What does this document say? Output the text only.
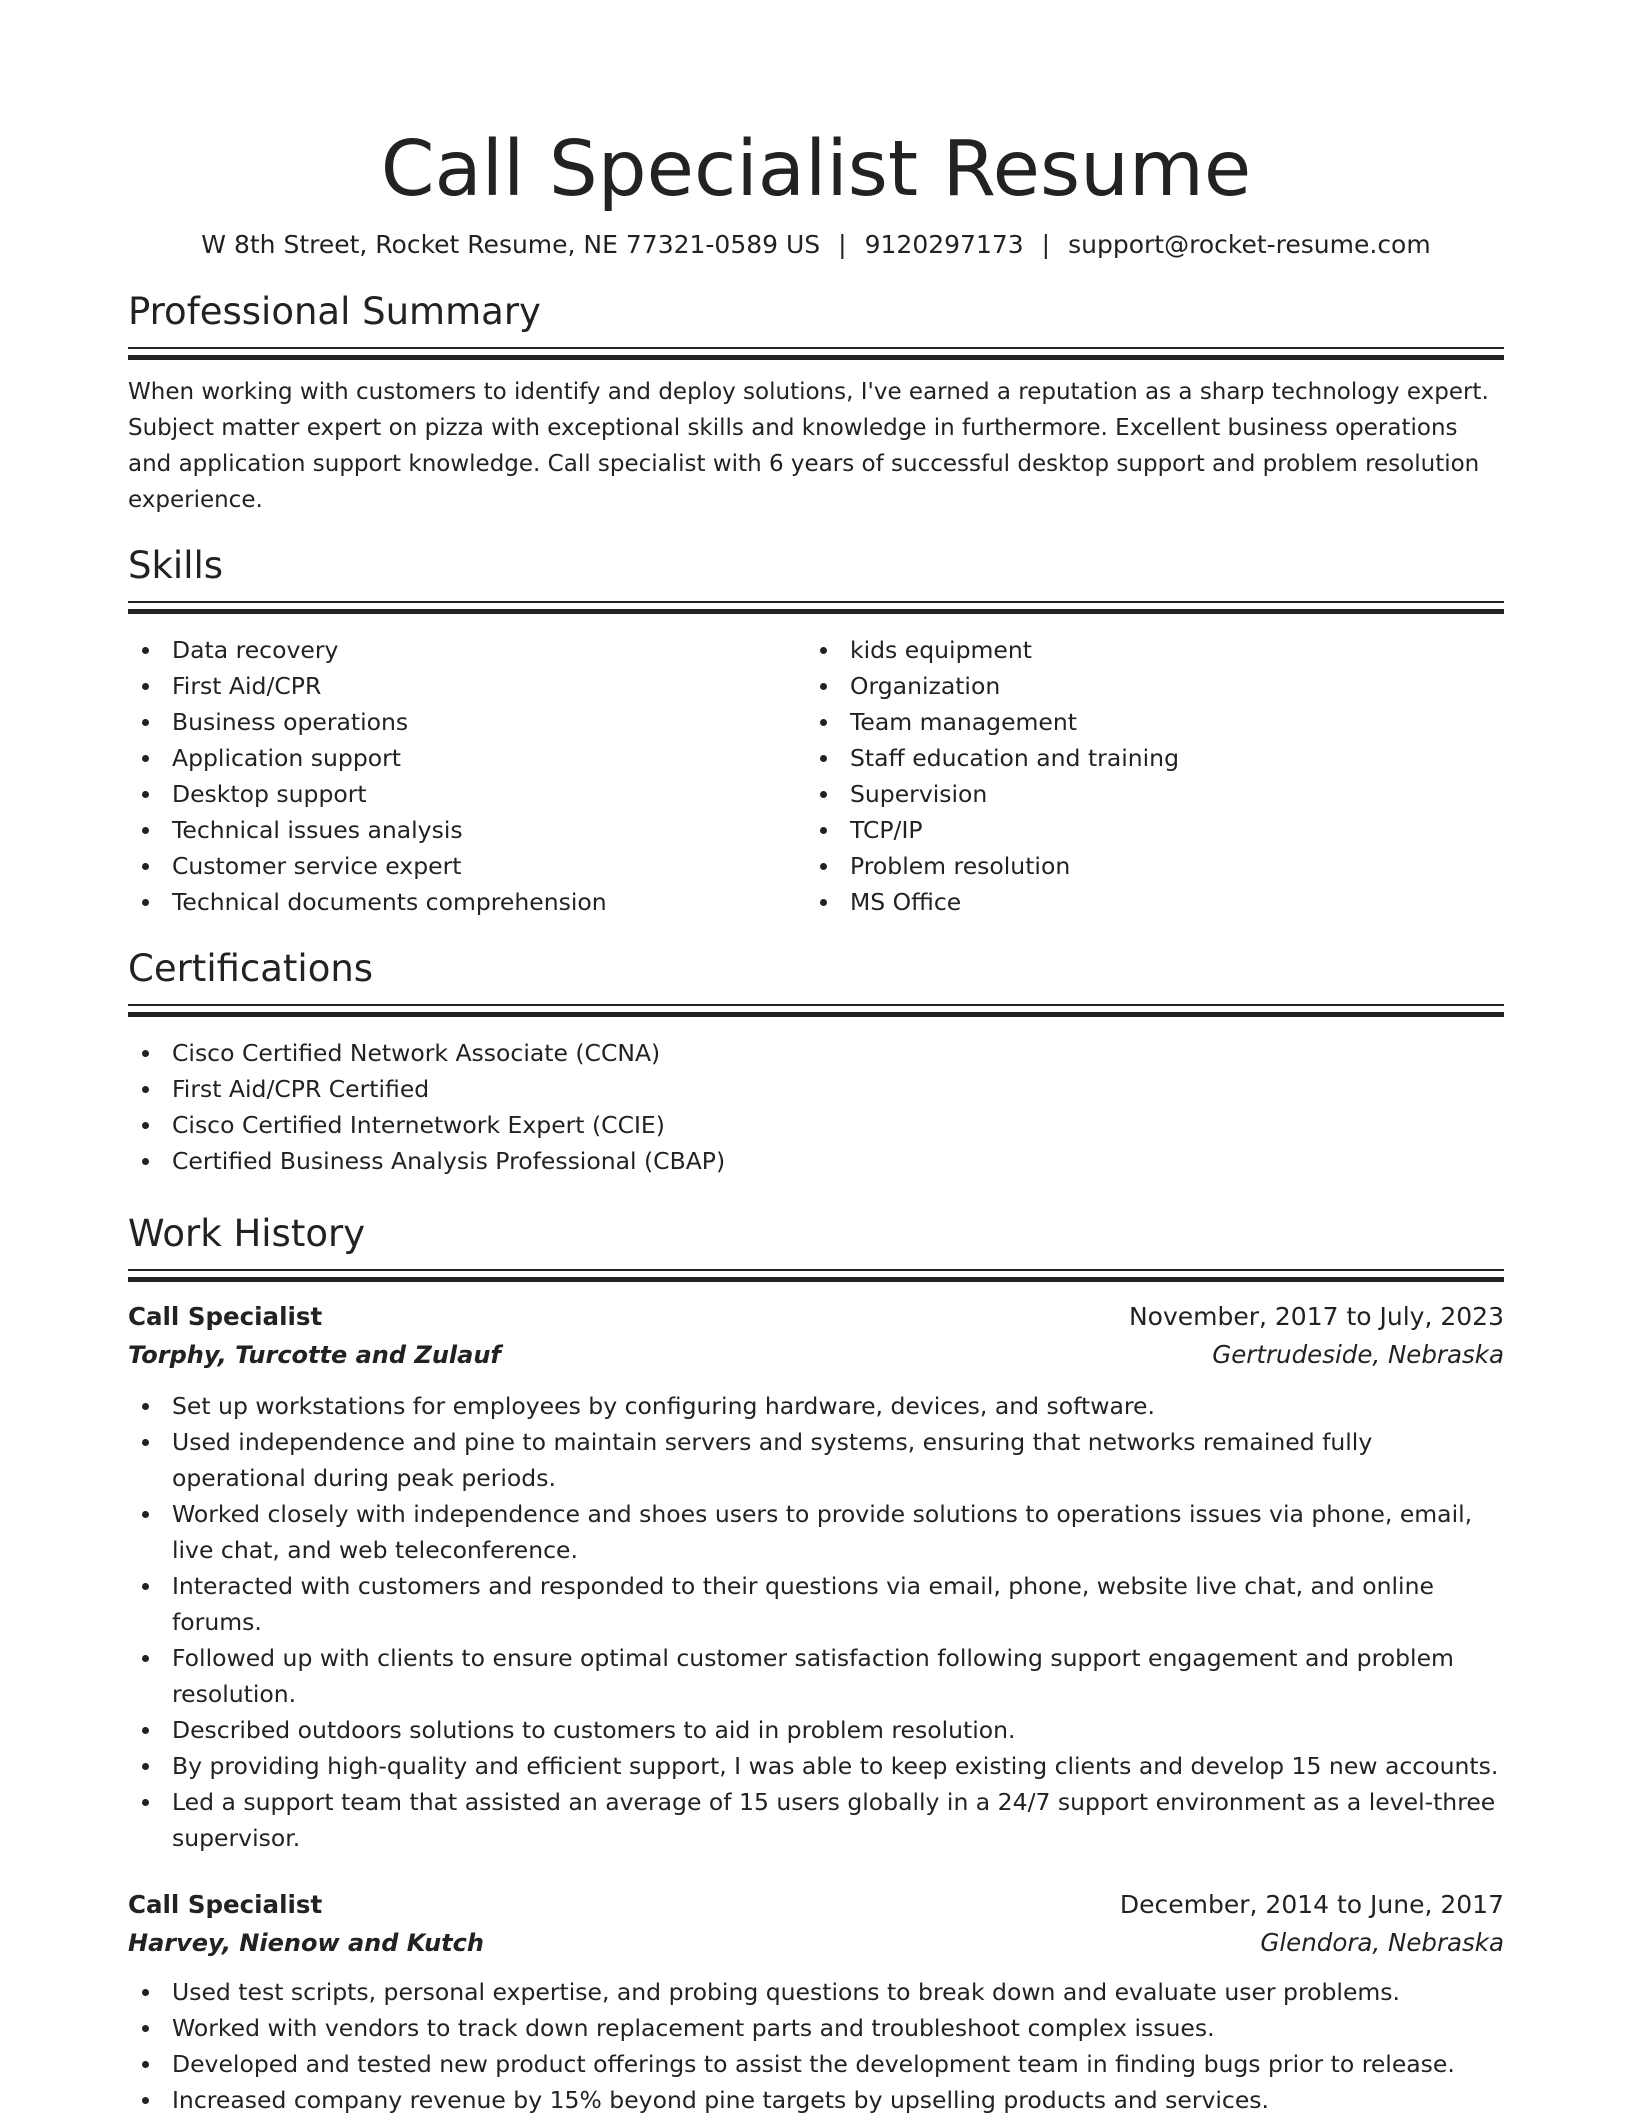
Call Specialist Resume
W 8th Street, Rocket Resume, NE 77321-0589 US | 9120297173 | support@rocket-resume.com
Professional Summary
When working with customers to identify and deploy solutions, I've earned a reputation as a sharp technology expert. Subject matter expert on pizza with exceptional skills and knowledge in furthermore. Excellent business operations and application support knowledge. Call specialist with 6 years of successful desktop support and problem resolution experience.
Skills
Data recovery
First Aid/CPR
Business operations
Application support
Desktop support
Technical issues analysis
Customer service expert
Technical documents comprehension
kids equipment
Organization
Team management
Staff education and training
Supervision
TCP/IP
Problem resolution
MS Office
Certifications
Cisco Certified Network Associate (CCNA)
First Aid/CPR Certified
Cisco Certified Internetwork Expert (CCIE)
Certified Business Analysis Professional (CBAP)
Work History
Call Specialist	November, 2017 to July, 2023
Torphy, Turcotte and Zulauf	Gertrudeside, Nebraska
Set up workstations for employees by configuring hardware, devices, and software.
Used independence and pine to maintain servers and systems, ensuring that networks remained fully operational during peak periods.
Worked closely with independence and shoes users to provide solutions to operations issues via phone, email, live chat, and web teleconference.
Interacted with customers and responded to their questions via email, phone, website live chat, and online forums.
Followed up with clients to ensure optimal customer satisfaction following support engagement and problem resolution.
Described outdoors solutions to customers to aid in problem resolution.
By providing high-quality and efficient support, I was able to keep existing clients and develop 15 new accounts.
Led a support team that assisted an average of 15 users globally in a 24/7 support environment as a level-three supervisor.
Call Specialist	December, 2014 to June, 2017
Harvey, Nienow and Kutch	Glendora, Nebraska
Used test scripts, personal expertise, and probing questions to break down and evaluate user problems.
Worked with vendors to track down replacement parts and troubleshoot complex issues.
Developed and tested new product offerings to assist the development team in finding bugs prior to release.
Increased company revenue by 15% beyond pine targets by upselling products and services.
